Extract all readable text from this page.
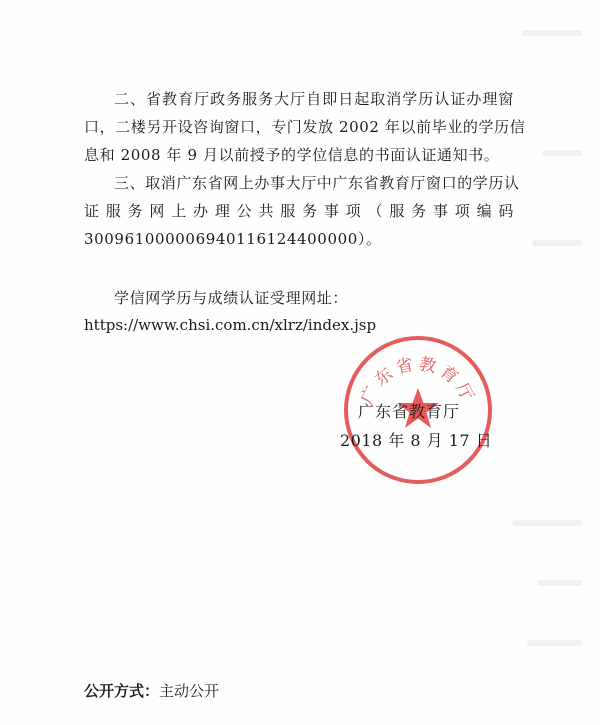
二、省教育厅政务服务大厅自即日起取消学历认证办理窗
口，二楼另开设咨询窗口，专门发放 2002 年以前毕业的学历信
息和 2008 年 9 月以前授予的学位信息的书面认证通知书。
三、取消广东省网上办事大厅中广东省教育厅窗口的学历认
证服务网上办理公共服务事项（服务事项编码
300961000006940116124400000）。
学信网学历与成绩认证受理网址：
https://www.chsi.com.cn/xlrz/index.jsp
广东省教育厅
广东省教育厅
2018 年 8 月 17 日
公开方式：主动公开
